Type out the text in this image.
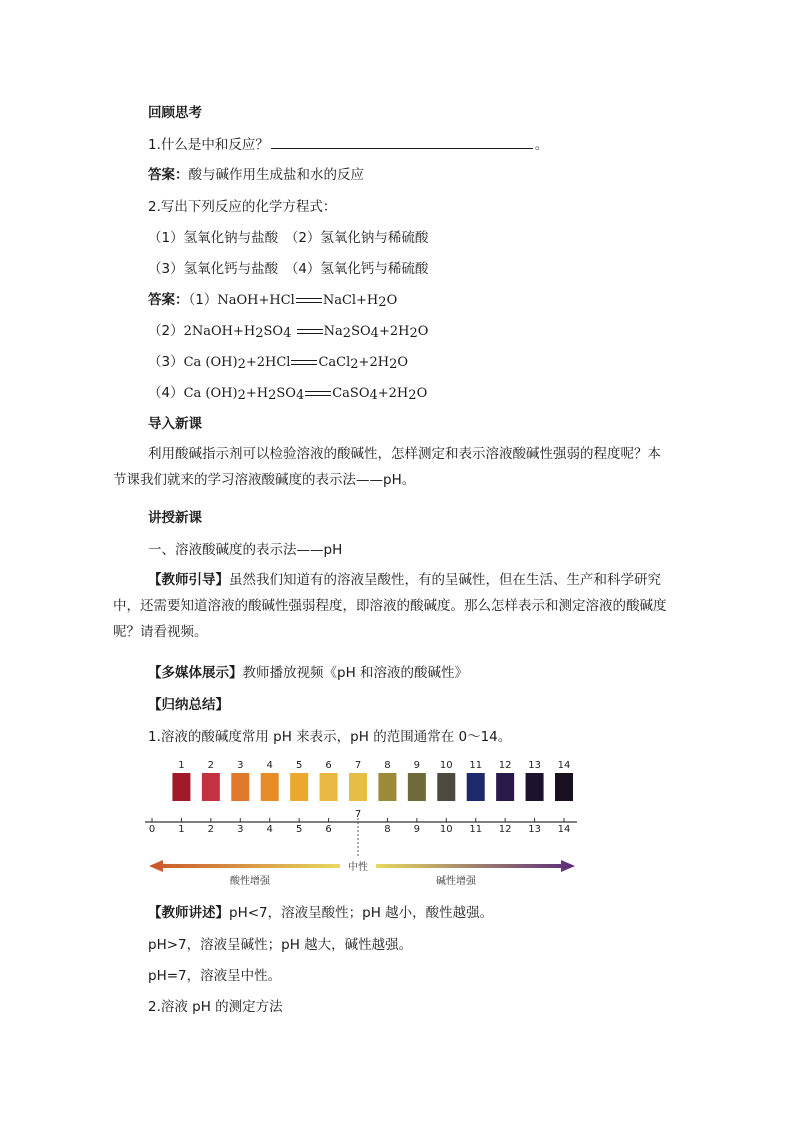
回顾思考
1.什么是中和反应？	。
答案：酸与碱作用生成盐和水的反应
2.写出下列反应的化学方程式：
（1）氢氧化钠与盐酸　（2）氢氧化钠与稀硫酸
（3）氢氧化钙与盐酸　（4）氢氧化钙与稀硫酸
答案：（1）NaOH+HCl $NaCl+H_2O$
$(2)2NaOH+H_2SO_4$ $Na_2SO_4+2H_2O$
（3）Ca $(OH)_2+2HCl$ $CaCl_2+2H_2O$
（4）Ca $(OH)_2+H_2SO_4$ $CaSO_4+2H_2O$
导入新课
利用酸碱指示剂可以检验溶液的酸碱性，怎样测定和表示溶液酸碱性强弱的程度呢？本节课我们就来的学习溶液酸碱度的表示法——pH。
讲授新课
一、溶液酸碱度的表示法——pH
【教师引导】虽然我们知道有的溶液呈酸性，有的呈碱性，但在生活、生产和科学研究中，还需要知道溶液的酸碱性强弱程度，即溶液的酸碱度。那么怎样表示和测定溶液的酸碱度呢？请看视频。
【多媒体展示】教师播放视频《pH 和溶液的酸碱性》
【归纳总结】
1.溶液的酸碱度常用 pH 来表示，pH 的范围通常在 0～14。
1 2 3 4 5 6 7 8 9 10 11 12 13 14
0 1 2 3 4 5 6
7
8 9 10 11 12 13 14
中性
酸性增强	碱性增强
【教师讲述】pH<7，溶液呈酸性；pH 越小，酸性越强。
pH>7，溶液呈碱性；pH 越大，碱性越强。
pH=7，溶液呈中性。
2.溶液 pH 的测定方法
